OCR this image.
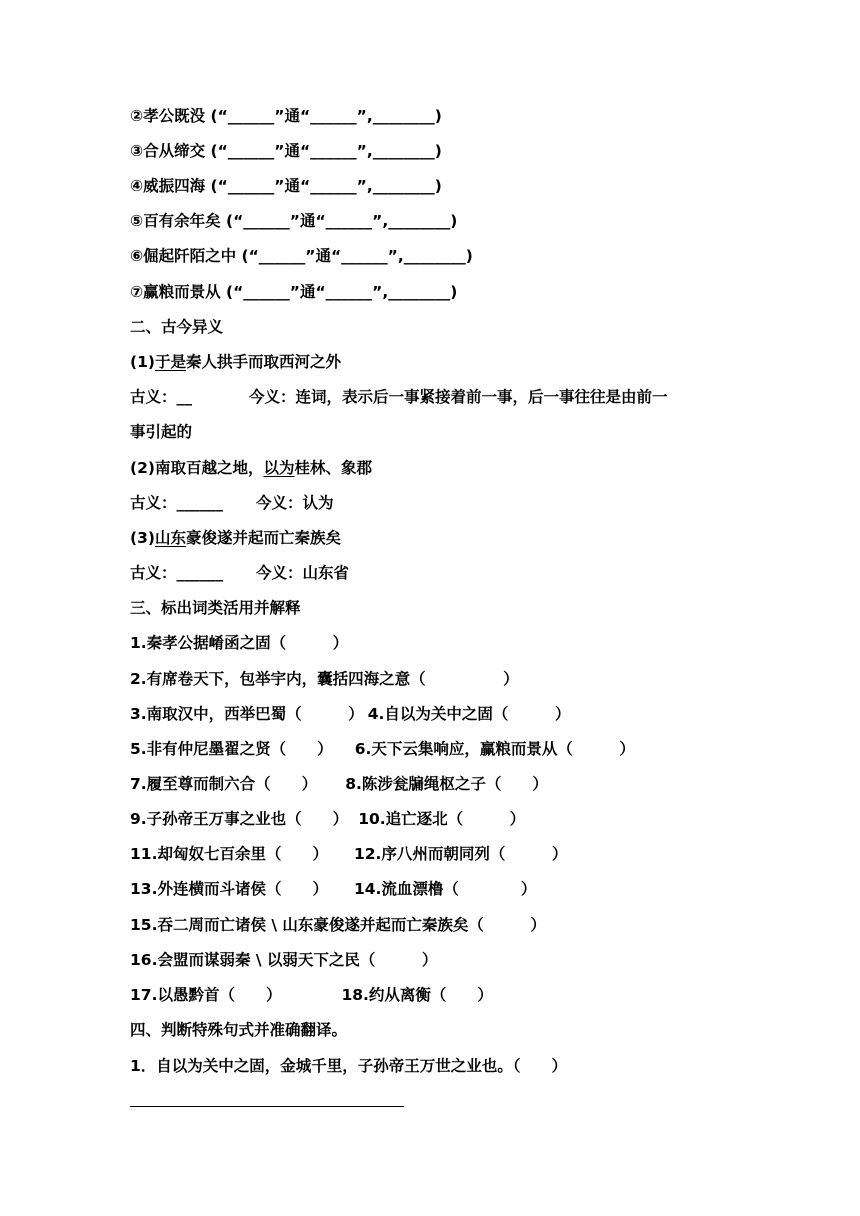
②孝公既没 (“______”通“______”,________)
③合从缔交 (“______”通“______”,________)
④威振四海 (“______”通“______”,________)
⑤百有余年矣 (“______”通“______”,________)
⑥倔起阡陌之中 (“______”通“______”,________)
⑦赢粮而景从 (“______”通“______”,________)
二、古今异义
(1)于是秦人拱手而取西河之外
古义：__	今义：连词，表示后一事紧接着前一事，后一事往往是由前一
事引起的
(2)南取百越之地，以为桂林、象郡
古义：______ 今义：认为
(3)山东豪俊遂并起而亡秦族矣
古义：______ 今义：山东省
三、标出词类活用并解释
1.秦孝公据崤函之固（　　　）
2.有席卷天下，包举宇内，囊括四海之意（　　　　　）
3.南取汉中，西举巴蜀（　　　） 4.自以为关中之固（　　　）
5.非有仲尼墨翟之贤（　　） 6.天下云集响应，赢粮而景从（　　　）
7.履至尊而制六合（　　） 8.陈涉瓮牖绳枢之子（　　）
9.子孙帝王万事之业也（　　） 10.追亡逐北（　　　）
11.却匈奴七百余里（　　） 12.序八州而朝同列（　　　）
13.外连横而斗诸侯（　　） 14.流血漂橹（　　　　）
15.吞二周而亡诸侯 \ 山东豪俊遂并起而亡秦族矣（　　　）
16.会盟而谋弱秦 \ 以弱天下之民（　　　）
17.以愚黔首（　　）	18.约从离衡（　　）
四、判断特殊句式并准确翻译。
1．自以为关中之固，金城千里，子孙帝王万世之业也。（　　）
